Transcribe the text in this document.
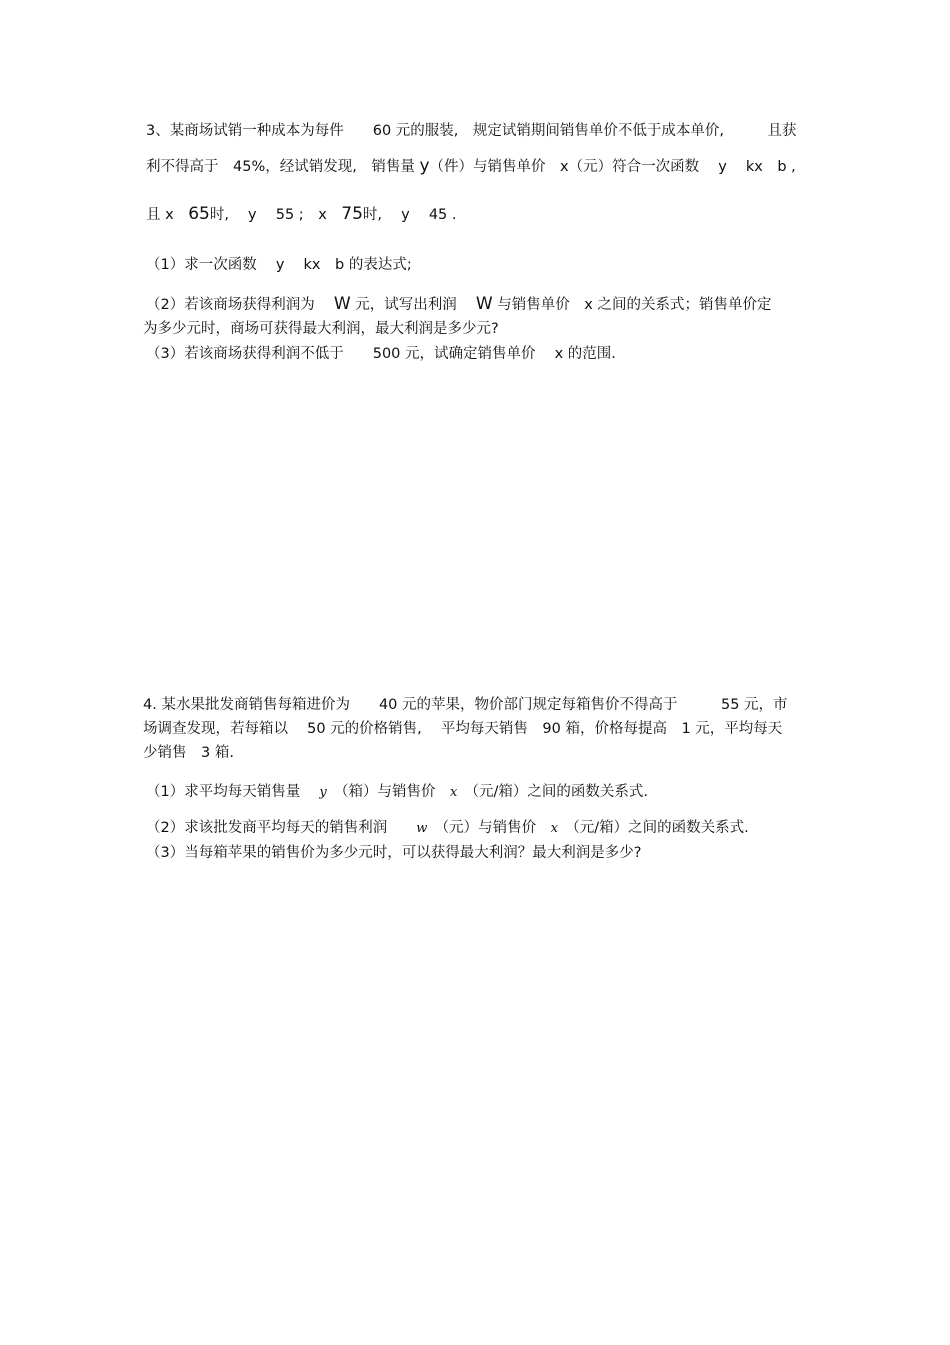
3、某商场试销一种成本为每件　　60 元的服装,　规定试销期间销售单价不低于成本单价,　　　且获
利不得高于　45%，经试销发现,　销售量 y（件）与销售单价　x（元）符合一次函数　 y　 kx　b ,
且 x　65时,　 y　 55 ;　x　75时,　 y　 45 .
（1）求一次函数　 y　 kx　b 的表达式;
（2）若该商场获得利润为　 W 元，试写出利润　 W 与销售单价　x 之间的关系式；销售单价定
为多少元时，商场可获得最大利润，最大利润是多少元?
（3）若该商场获得利润不低于　　500 元，试确定销售单价　 x 的范围.
4. 某水果批发商销售每箱进价为　　40 元的苹果，物价部门规定每箱售价不得高于　　　55 元，市
场调查发现，若每箱以　 50 元的价格销售,　 平均每天销售　90 箱，价格每提高　1 元，平均每天
少销售　3 箱.
（1）求平均每天销售量　 y　（箱）与销售价　x　（元/箱）之间的函数关系式.
（2）求该批发商平均每天的销售利润　　w　（元）与销售价　x　（元/箱）之间的函数关系式.
（3）当每箱苹果的销售价为多少元时，可以获得最大利润？最大利润是多少?
